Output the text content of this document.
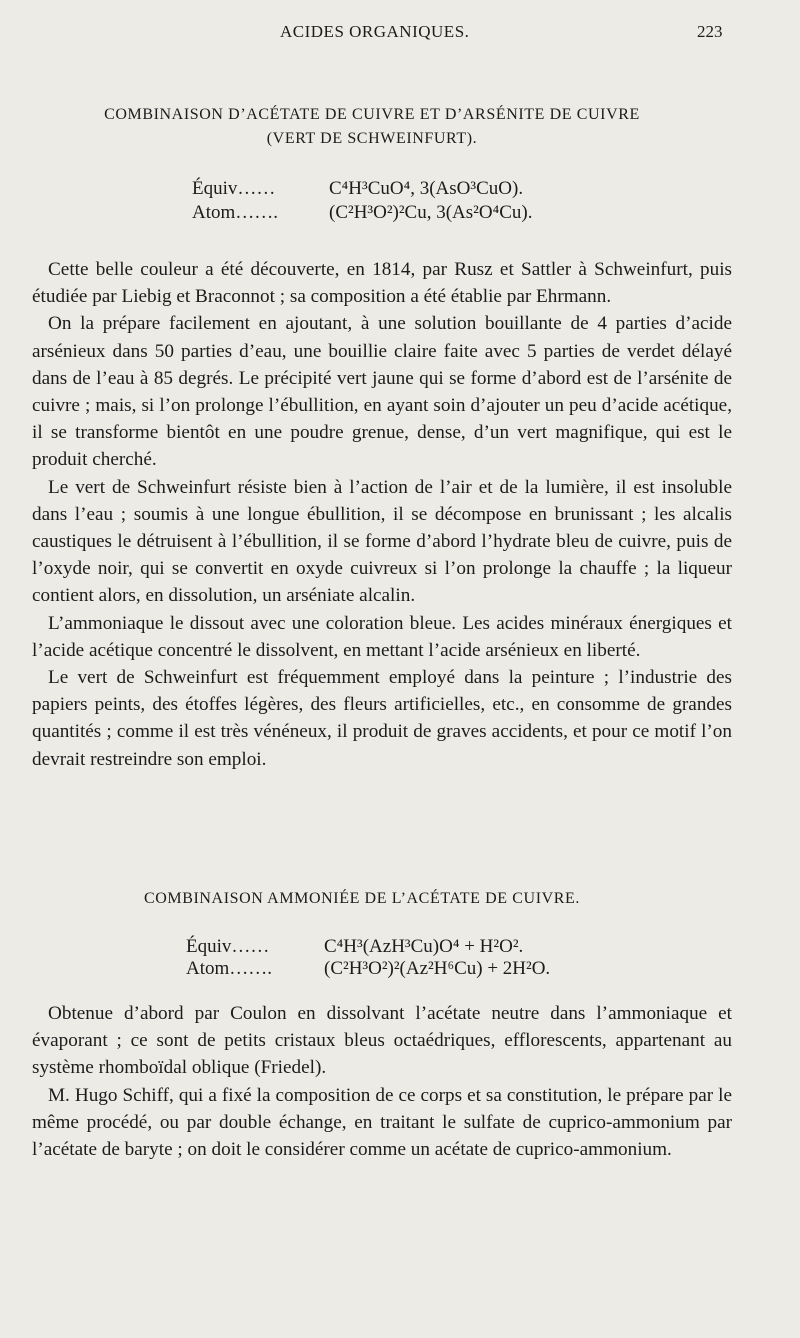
ACIDES ORGANIQUES.	223
COMBINAISON D’ACÉTATE DE CUIVRE ET D’ARSÉNITE DE CUIVRE
(VERT DE SCHWEINFURT).
Équiv……	C⁴H³CuO⁴, 3(AsO³CuO).
Atom…….	(C²H³O²)²Cu, 3(As²O⁴Cu).

Cette belle couleur a été découverte, en 1814, par Rusz et Sattler à Schweinfurt, puis étudiée par Liebig et Braconnot ; sa composition a été établie par Ehrmann.

On la prépare facilement en ajoutant, à une solution bouillante de 4 parties d’acide arsénieux dans 50 parties d’eau, une bouillie claire faite avec 5 parties de verdet délayé dans de l’eau à 85 degrés. Le précipité vert jaune qui se forme d’abord est de l’arsénite de cuivre ; mais, si l’on prolonge l’ébullition, en ayant soin d’ajouter un peu d’acide acétique, il se transforme bientôt en une poudre grenue, dense, d’un vert magnifique, qui est le produit cherché.

Le vert de Schweinfurt résiste bien à l’action de l’air et de la lumière, il est insoluble dans l’eau ; soumis à une longue ébullition, il se décompose en brunissant ; les alcalis caustiques le détruisent à l’ébullition, il se forme d’abord l’hydrate bleu de cuivre, puis de l’oxyde noir, qui se convertit en oxyde cuivreux si l’on prolonge la chauffe ; la liqueur contient alors, en dissolution, un arséniate alcalin.

L’ammoniaque le dissout avec une coloration bleue. Les acides minéraux énergiques et l’acide acétique concentré le dissolvent, en mettant l’acide arsénieux en liberté.

Le vert de Schweinfurt est fréquemment employé dans la peinture ; l’industrie des papiers peints, des étoffes légères, des fleurs artificielles, etc., en consomme de grandes quantités ; comme il est très vénéneux, il produit de graves accidents, et pour ce motif l’on devrait restreindre son emploi.

COMBINAISON AMMONIÉE DE L’ACÉTATE DE CUIVRE.
Équiv……	C⁴H³(AzH³Cu)O⁴ + H²O².
Atom…….	(C²H³O²)²(Az²H⁶Cu) + 2H²O.

Obtenue d’abord par Coulon en dissolvant l’acétate neutre dans l’ammoniaque et évaporant ; ce sont de petits cristaux bleus octaédriques, efflorescents, appartenant au système rhomboïdal oblique (Friedel).

M. Hugo Schiff, qui a fixé la composition de ce corps et sa constitution, le prépare par le même procédé, ou par double échange, en traitant le sulfate de cuprico-ammonium par l’acétate de baryte ; on doit le considérer comme un acétate de cuprico-ammonium.
